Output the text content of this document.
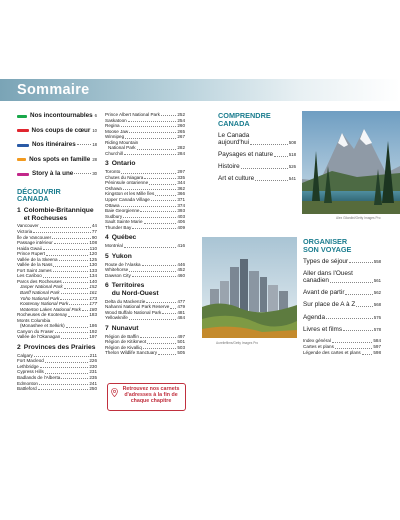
Sommaire
Nos incontournables 6
Nos coups de cœur 10
Nos itinéraires	18
Nos spots en famille 28
Story à la une	30
DÉCOUVRIR
CANADA
1 Colombie-Britannique
et Rocheuses
Vancouver	44
Victoria	77
Île de Vancouver	90
Passage intérieur	108
Haida Gwaii	110
Prince Rupert	120
Vallée de la Skeena	125
Vallée de la Nass	130
Fort Saint James	133
Les Cariboo	134
Parcs des Rocheuses	140
Jasper National Park	152
Banff National Park	161
Yoho National Park	173
Kootenay National Park	177
Waterton Lakes National Park 180
Rocheuses de Kootenay	183
Monts Columbia
(Monashee et Selkirk)	186
Canyon du Fraser	192
Vallée de l'Okanagan	197
2 Provinces des Prairies
Calgary	211
Fort Macleod	226
Lethbridge	230
Cypress Hills	231
Badlands de l'Alberta	235
Edmonton	241
Battleford	250
Prince Albert National Park	252
Saskatoon	254
Regina	260
Moose Jaw	265
Winnipeg	267
Riding Mountain
National Park	282
Churchill	284
3 Ontario
Toronto	297
Chutes du Niagara	335
Péninsule ontarienne	344
Oshawa	362
Kingston et les Mille Îles	366
Upper Canada Village	371
Ottawa	374
Baie Georgienne	393
Sudbury	403
Sault Sainte Marie	406
Thunder Bay	409
4 Québec
Montréal	416
5 Yukon
Route de l'Alaska	446
Whitehorse	452
Dawson City	460
6 Territoires
du Nord-Ouest
Delta du Mackenzie	477
Nahanni National Park Reserve 479
Wood Buffalo National Park	481
Yellowknife	484
7 Nunavut
Région de Baffin	497
Région de Kitikmeot	501
Région de Kivalliq	503
Thelon Wildlife Sanctuary	505
Retrouvez nos carnets d'adresses à la fin de chaque chapitre
COMPRENDRE
CANADA
Le Canada
aujourd'hui	508
Paysages et nature	518
Histoire	526
Art et culture	541
Alex Gilardini/Getty Images Pro
Aureliefilms/Getty Images Pro
ORGANISER
SON VOYAGE
Types de séjour	558
Aller dans l'Ouest
canadien	561
Avant de partir	562
Sur place de A à Z	568
Agenda	576
Livres et films	578
Index général	584
Cartes et plans	597
Légende des cartes et plans	598
